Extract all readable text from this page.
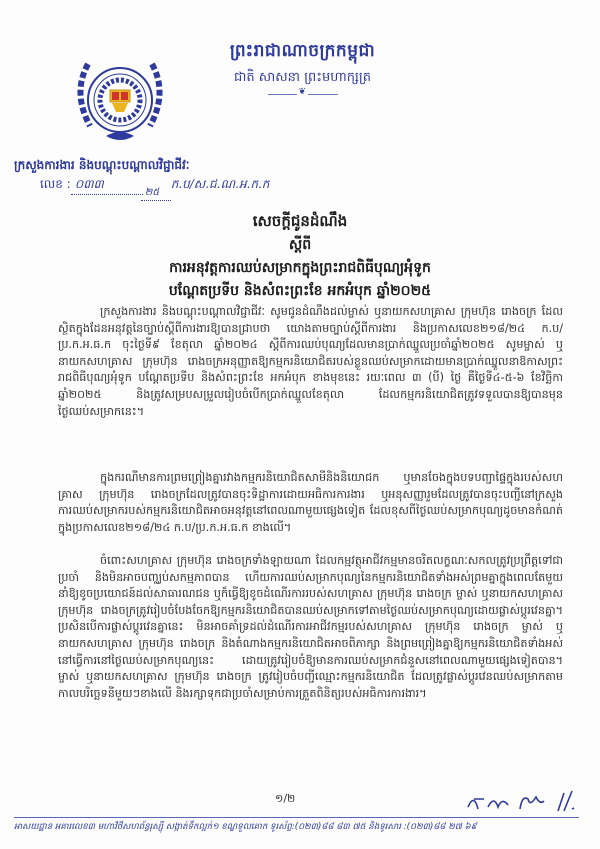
ព្រះរាជាណាចក្រកម្ពុជា
ជាតិ សាសនា ព្រះមហាក្សត្រ
❦
ក្រសួងការងារ និងបណ្តុះបណ្តាលវិជ្ជាជីវៈ
លេខ : ០៣៣
២៥
ក.ប/ស.ជ.ណ.អ.ក.ក
សេចក្តីជូនដំណឹង
ស្តីពី
ការអនុវត្តការឈប់សម្រាកក្នុងព្រះរាជពិធីបុណ្យអុំទូក
បណ្តែតប្រទីប និងសំពះព្រះខែ អកអំបុក ឆ្នាំ២០២៥

ក្រសួងការងារ និងបណ្តុះបណ្តាលវិជ្ជាជីវៈ សូមជូនដំណឹងដល់ម្ចាស់ ឬនាយកសហគ្រាស ក្រុមហ៊ុន រោងចក្រ ដែលស្ថិតក្នុងដែនអនុវត្តនៃច្បាប់ស្តីពីការងារឱ្យបានជ្រាបថា យោងតាមច្បាប់ស្តីពីការងារ និងប្រកាសលេខ២១៨/២៤ ក.ប/ប្រ.ក.អ.ធ.ក ចុះថ្ងៃទី៩ ខែតុលា ឆ្នាំ២០២៤ ស្តីពីការឈប់បុណ្យដែលមានប្រាក់ឈ្នួលប្រចាំឆ្នាំ២០២៥ សូមម្ចាស់ ឬនាយកសហគ្រាស ក្រុមហ៊ុន រោងចក្រអនុញ្ញាតឱ្យកម្មករនិយោជិតរបស់ខ្លួនឈប់សម្រាកដោយមានប្រាក់ឈ្នួលនាឱកាសព្រះរាជពិធីបុណ្យអុំទូក បណ្តែតប្រទីប និងសំពះព្រះខែ អកអំបុក ខាងមុខនេះ រយៈពេល ៣ (បី) ថ្ងៃ គឺថ្ងៃទី៤-៥-៦ ខែវិច្ឆិកា ឆ្នាំ២០២៥ និងត្រូវសម្របសម្រួលរៀបចំបើកប្រាក់ឈ្នួលខែតុលា ដែលកម្មករនិយោជិតត្រូវទទួលបានឱ្យបានមុនថ្ងៃឈប់សម្រាកនេះ។

ក្នុងករណីមានការព្រមព្រៀងគ្នារវាងកម្មករនិយោជិតសាមីនិងនិយោជក ឬមានចែងក្នុងបទបញ្ជាផ្ទៃក្នុងរបស់សហគ្រាស ក្រុមហ៊ុន រោងចក្រដែលត្រូវបានចុះទិដ្ឋាការដោយអធិការការងារ ឬអនុសញ្ញារួមដែលត្រូវបានចុះបញ្ជីនៅក្រសួង ការឈប់សម្រាករបស់កម្មករនិយោជិតអាចអនុវត្តនៅពេលណាមួយផ្សេងទៀត ដែលខុសពីថ្ងៃឈប់សម្រាកបុណ្យដូចមានកំណត់ក្នុងប្រកាសលេខ២១៨/២៤ ក.ប/ប្រ.ក.អ.ធ.ក ខាងលើ។

ចំពោះសហគ្រាស ក្រុមហ៊ុន រោងចក្រទាំងឡាយណា ដែលកម្មវត្ថុអាជីវកម្មមានចរិតលក្ខណៈសកលត្រូវប្រព្រឹត្តទៅជាប្រចាំ និងមិនអាចបញ្ឈប់សកម្មភាពបាន ហើយការឈប់សម្រាកបុណ្យនៃកម្មករនិយោជិតទាំងអស់ព្រមគ្នាក្នុងពេលតែមួយនាំឱ្យខូចប្រយោជន៍ដល់សាធារណជន ឬក៏ធ្វើឱ្យខូចដំណើរការរបស់សហគ្រាស ក្រុមហ៊ុន រោងចក្រ ម្ចាស់ ឬនាយកសហគ្រាស ក្រុមហ៊ុន រោងចក្រត្រូវរៀបចំបែងចែកឱ្យកម្មករនិយោជិតបានឈប់សម្រាកទៅតាមថ្ងៃឈប់សម្រាកបុណ្យដោយផ្លាស់ប្តូរវេនគ្នា។ ប្រសិនបើការផ្លាស់ប្តូរវេនគ្នានេះ មិនអាចគាំទ្រដល់ដំណើរការអាជីវកម្មរបស់សហគ្រាស ក្រុមហ៊ុន រោងចក្រ ម្ចាស់ ឬនាយកសហគ្រាស ក្រុមហ៊ុន រោងចក្រ និងតំណាងកម្មករនិយោជិតអាចពិភាក្សា និងព្រមព្រៀងគ្នាឱ្យកម្មករនិយោជិតទាំងអស់នៅធ្វើការនៅថ្ងៃឈប់សម្រាកបុណ្យនេះ ដោយត្រូវរៀបចំឱ្យមានការឈប់សម្រាកជំនួសនៅពេលណាមួយផ្សេងទៀតបាន។ ម្ចាស់ ឬនាយកសហគ្រាស ក្រុមហ៊ុន រោងចក្រ ត្រូវរៀបចំបញ្ជីឈ្មោះកម្មករនិយោជិត ដែលត្រូវផ្លាស់ប្តូរវេនឈប់សម្រាកតាមកាលបរិច្ឆេទនីមួយៗខាងលើ និងរក្សាទុកជាប្រចាំសម្រាប់ការត្រួតពិនិត្យរបស់អធិការការងារ។

១/២
អាសយដ្ឋាន អគារលេខ៣ មហាវិថីសហព័ន្ធរុស្ស៊ី សង្កាត់ទឹកល្អក់១ ខណ្ឌទួលគោក ទូរស័ព្ទ:(០២៣)៨៨ ៨៣ ៧៥ និងទូរសារ :(០២៣)៨៨ ២៧ ៦៩
